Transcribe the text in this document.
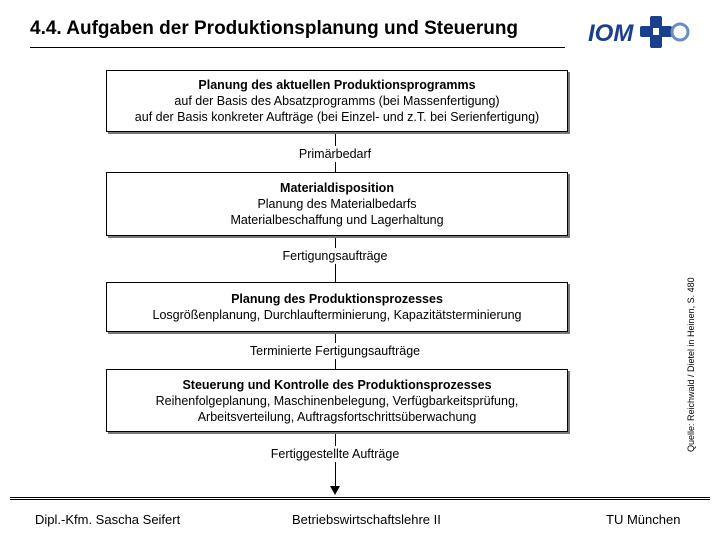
4.4. Aufgaben der Produktionsplanung und Steuerung	IOM
Planung des aktuellen Produktionsprogramms
auf der Basis des Absatzprogramms (bei Massenfertigung)
auf der Basis konkreter Aufträge (bei Einzel- und z.T. bei Serienfertigung)
Primärbedarf
Materialdisposition
Planung des Materialbedarfs
Materialbeschaffung und Lagerhaltung
Fertigungsaufträge
Planung des Produktionsprozesses
Losgrößenplanung, Durchlaufterminierung, Kapazitätsterminierung
Terminierte Fertigungsaufträge
Steuerung und Kontrolle des Produktionsprozesses
Reihenfolgeplanung, Maschinenbelegung, Verfügbarkeitsprüfung,
Arbeitsverteilung, Auftragsfortschrittsüberwachung
Fertiggestellte Aufträge
Quelle: Reichwald / Dietel in Heinen, S. 480
Dipl.-Kfm. Sascha Seifert	Betriebswirtschaftslehre II	TU München
